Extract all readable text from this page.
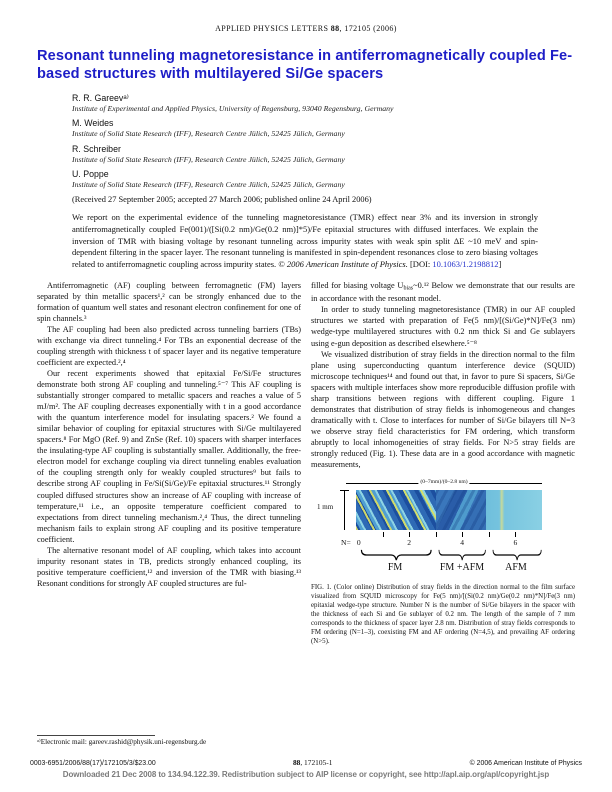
APPLIED PHYSICS LETTERS 88, 172105 (2006)
Resonant tunneling magnetoresistance in antiferromagnetically coupled Fe-based structures with multilayered Si/Ge spacers
R. R. Gareevᵃ⁾
Institute of Experimental and Applied Physics, University of Regensburg, 93040 Regensburg, Germany
M. Weides
Institute of Solid State Research (IFF), Research Centre Jülich, 52425 Jülich, Germany
R. Schreiber
Institute of Solid State Research (IFF), Research Centre Jülich, 52425 Jülich, Germany
U. Poppe
Institute of Solid State Research (IFF), Research Centre Jülich, 52425 Jülich, Germany
(Received 27 September 2005; accepted 27 March 2006; published online 24 April 2006)
We report on the experimental evidence of the tunneling magnetoresistance (TMR) effect near 3% and its inversion in strongly antiferromagnetically coupled Fe(001)/([Si(0.2 nm)/Ge(0.2 nm)]*5)/Fe epitaxial structures with diffused interfaces. We explain the inversion of TMR with biasing voltage by resonant tunneling across impurity states with weak spin split ΔE ~10 meV and spin-dependent filtering in the spacer layer. The resonant tunneling is manifested in spin-dependent resonances close to zero biasing voltages related to antiferromagnetic coupling across impurity states. © 2006 American Institute of Physics. [DOI: 10.1063/1.2198812]

Antiferromagnetic (AF) coupling between ferromagnetic (FM) layers separated by thin metallic spacers¹,² can be strongly enhanced due to the formation of quantum well states and resonant electron confinement for one of spin channels.³

The AF coupling had been also predicted across tunneling barriers (TBs) with exchange via direct tunneling.⁴ For TBs an exponential decrease of the coupling strength with thickness t of spacer layer and its negative temperature coefficient are expected.²,⁴

Our recent experiments showed that epitaxial Fe/Si/Fe structures demonstrate both strong AF coupling and tunneling.⁵⁻⁷ This AF coupling is substantially stronger compared to metallic spacers and reaches a value of 5 mJ/m². The AF coupling decreases exponentially with t in a good accordance with the quantum interference model for insulating spacers.² We found a similar behavior of coupling for epitaxial structures with Si/Ge multilayered spacers.⁸ For MgO (Ref. 9) and ZnSe (Ref. 10) spacers with sharper interfaces the insulating-type AF coupling is substantially smaller. Additionally, the free-electron model for exchange coupling via direct tunneling enables evaluation of the coupling strength only for weakly coupled structures⁹ but fails to describe strong AF coupling in Fe/Si(Si/Ge)/Fe epitaxial structures.¹¹ Strongly coupled diffused structures show an increase of AF coupling with increase of temperature,¹¹ i.e., an opposite temperature coefficient compared to expectations from direct tunneling mechanism.²,⁴ Thus, the direct tunneling mechanism fails to explain strong AF coupling and its positive temperature coefficient.

The alternative resonant model of AF coupling, which takes into account impurity resonant states in TB, predicts strongly enhanced coupling, its positive temperature coefficient,¹² and inversion of the TMR with biasing.¹³ Resonant conditions for strongly AF coupled structures are ful-

filled for biasing voltage $U_{bias}\sim 0.^{12}$ Below we demonstrate that our results are in accordance with the resonant model.

In order to study tunneling magnetoresistance (TMR) in our AF coupled structures we started with preparation of Fe(5 nm)/[(Si/Ge)*N]/Fe(3 nm) wedge-type multilayered structures with 0.2 nm thick Si and Ge sublayers using e-gun deposition as described elsewhere.⁵⁻⁸

We visualized distribution of stray fields in the direction normal to the film plane using superconducting quantum interference device (SQUID) microscope techniques¹⁴ and found out that, in favor to pure Si spacers, Si/Ge spacers with multiple interfaces show more reproducible diffusion profile with sharp transitions between regions with different coupling. Figure 1 demonstrates that distribution of stray fields is inhomogeneous and changes dramatically with t. Close to interfaces for number of Si/Ge bilayers till N=3 we observe stray field characteristics for FM ordering, which transform abruptly to local inhomogeneities of stray fields. For N>5 stray fields are strongly reduced (Fig. 1). These data are in a good accordance with magnetic measurements,

(0–7mm)/(0–2.8 nm)
1 mm
N= 0	2	4	6
FM	FM +AFM AFM
FIG. 1. (Color online) Distribution of stray fields in the direction normal to the film surface visualized from SQUID microscopy for Fe(5 nm)/[(Si(0.2 nm)/Ge(0.2 nm)*N]/Fe(3 nm) epitaxial wedge-type structure. Number N is the number of Si/Ge bilayers in the spacer with the thickness of each Si and Ge sublayer of 0.2 nm. The length of the sample of 7 mm corresponds to the thickness of spacer layer 2.8 nm. Distribution of stray fields corresponds to FM ordering (N=1–3), coexisting FM and AF ordering (N=4,5), and prevailing AF ordering (N>5).
ᵃ⁾Electronic mail: gareev.rashid@physik.uni-regensburg.de
0003-6951/2006/88(17)/172105/3/$23.00	88, 172105-1	© 2006 American Institute of Physics
Downloaded 21 Dec 2008 to 134.94.122.39. Redistribution subject to AIP license or copyright, see http://apl.aip.org/apl/copyright.jsp
